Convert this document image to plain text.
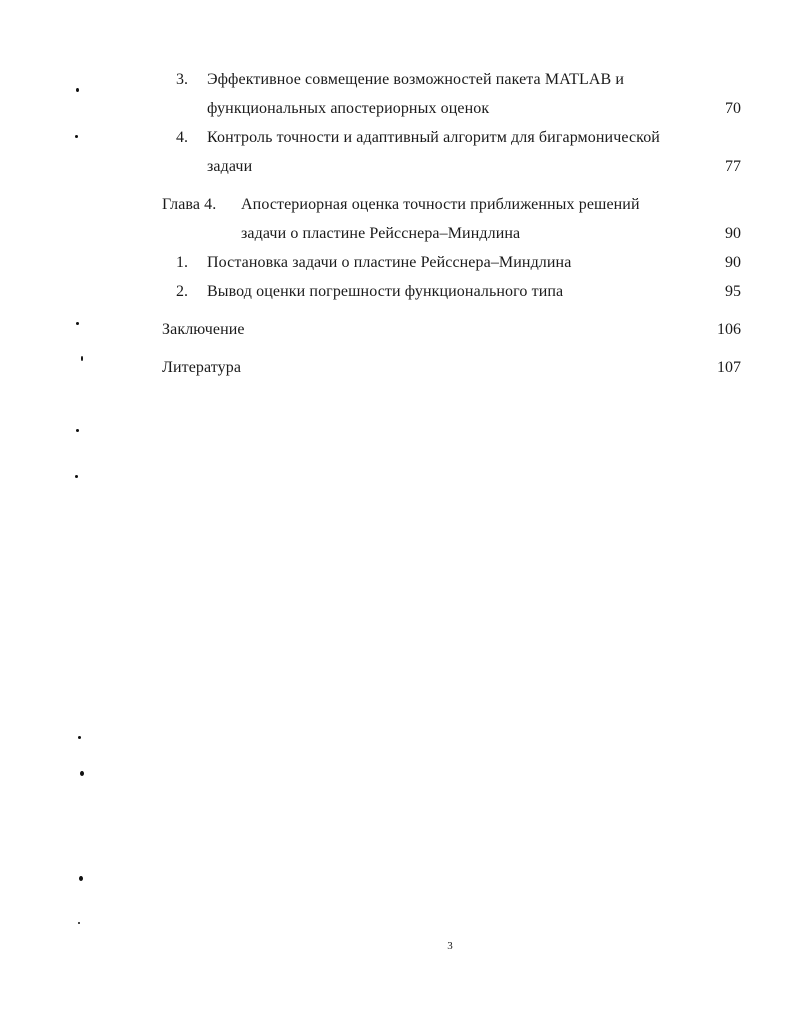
3. Эффективное совмещение возможностей пакета MATLAB и
функциональных апостериорных оценок	70
4. Контроль точности и адаптивный алгоритм для бигармонической
задачи	77
Глава 4. Апостериорная оценка точности приближенных решений
задачи о пластине Рейсснера–Миндлина	90
1. Постановка задачи о пластине Рейсснера–Миндлина	90
2. Вывод оценки погрешности функционального типа	95
Заключение	106
Литература	107
3
